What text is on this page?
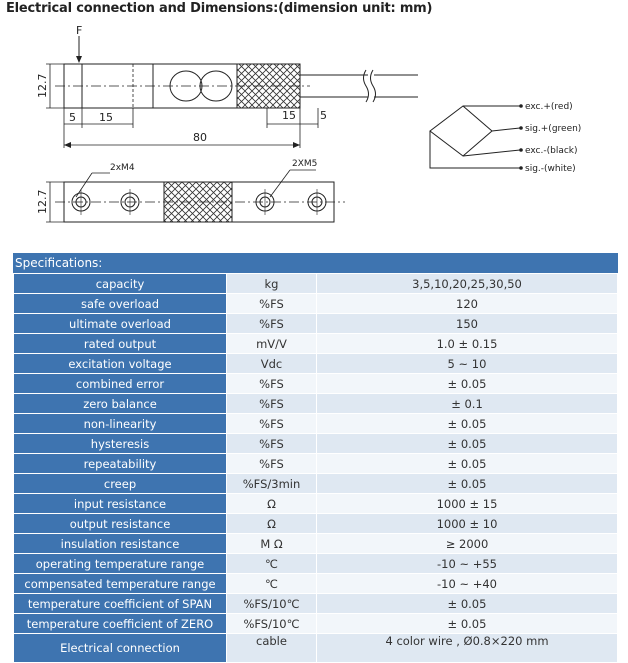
Electrical connection and Dimensions:(dimension unit: mm)
F
12.7
5 15	15 5
80
exc.+(red)
sig.+(green)
exc.-(black)
sig.-(white)
2xM4	2XM5
12.7
Specifications:
capacity	kg	3,5,10,20,25,30,50
safe overload	%FS	120
ultimate overload	%FS	150
rated output	mV/V	1.0 ± 0.15
excitation voltage	Vdc	5 ~ 10
combined error	%FS	± 0.05
zero balance	%FS	± 0.1
non-linearity	%FS	± 0.05
hysteresis	%FS	± 0.05
repeatability	%FS	± 0.05
creep	%FS/3min	± 0.05
input resistance	Ω	1000 ± 15
output resistance	Ω	1000 ± 10
insulation resistance	M Ω	≥ 2000
operating temperature range	℃	-10 ~ +55
compensated temperature range	℃	-10 ~ +40
temperature coefficient of SPAN	%FS/10℃	± 0.05
temperature coefficient of ZERO	%FS/10℃	± 0.05
Electrical connection	cable	4 color wire , Ø0.8×220 mm
